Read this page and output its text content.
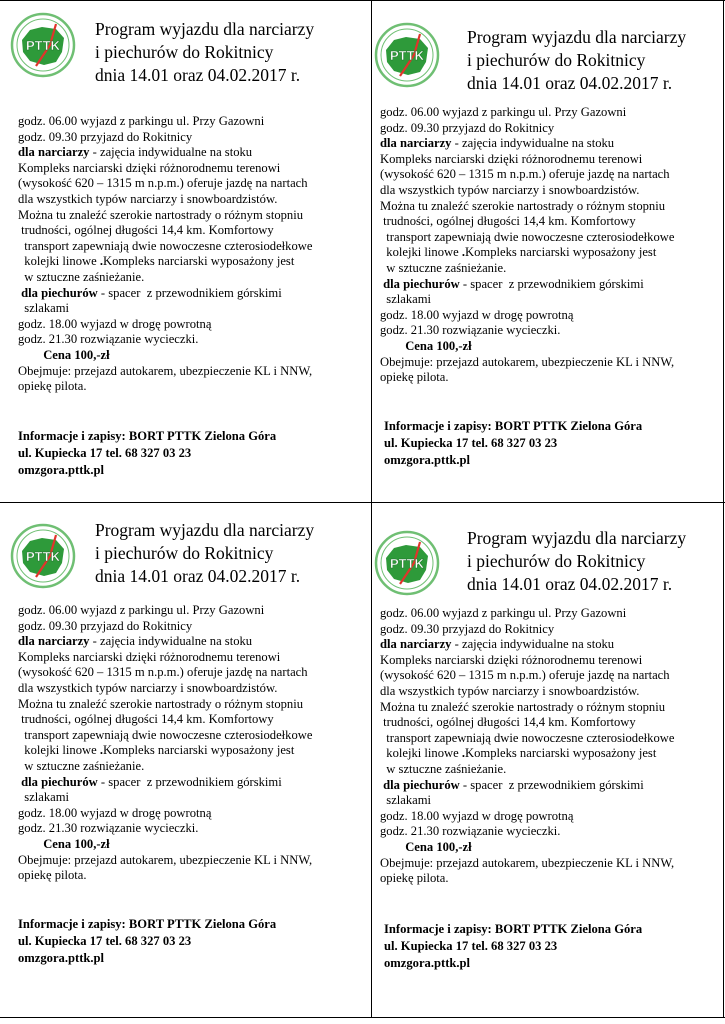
PTTK
Program wyjazdu dla narciarzy
i piechurów do Rokitnicy
dnia 14.01 oraz 04.02.2017 r.

godz. 06.00 wyjazd z parkingu ul. Przy Gazowni

godz. 09.30 przyjazd do Rokitnicy

dla narciarzy - zajęcia indywidualne na stoku

Kompleks narciarski dzięki różnorodnemu terenowi

(wysokość 620 – 1315 m n.p.m.) oferuje jazdę na nartach

dla wszystkich typów narciarzy i snowboardzistów.

Można tu znaleźć szerokie nartostrady o różnym stopniu

trudności, ogólnej długości 14,4 km. Komfortowy

transport zapewniają dwie nowoczesne czterosiodełkowe

kolejki linowe .Kompleks narciarski wyposażony jest

w sztuczne zaśnieżanie.

dla piechurów - spacer  z przewodnikiem górskimi

szlakami

godz. 18.00 wyjazd w drogę powrotną

godz. 21.30 rozwiązanie wycieczki.

Cena 100,-zł

Obejmuje: przejazd autokarem, ubezpieczenie KL i NNW,

opiekę pilota.

Informacje i zapisy: BORT PTTK Zielona Góra

ul. Kupiecka 17 tel. 68 327 03 23

omzgora.pttk.pl

PTTK
Program wyjazdu dla narciarzy
i piechurów do Rokitnicy
dnia 14.01 oraz 04.02.2017 r.

godz. 06.00 wyjazd z parkingu ul. Przy Gazowni

godz. 09.30 przyjazd do Rokitnicy

dla narciarzy - zajęcia indywidualne na stoku

Kompleks narciarski dzięki różnorodnemu terenowi

(wysokość 620 – 1315 m n.p.m.) oferuje jazdę na nartach

dla wszystkich typów narciarzy i snowboardzistów.

Można tu znaleźć szerokie nartostrady o różnym stopniu

trudności, ogólnej długości 14,4 km. Komfortowy

transport zapewniają dwie nowoczesne czterosiodełkowe

kolejki linowe .Kompleks narciarski wyposażony jest

w sztuczne zaśnieżanie.

dla piechurów - spacer  z przewodnikiem górskimi

szlakami

godz. 18.00 wyjazd w drogę powrotną

godz. 21.30 rozwiązanie wycieczki.

Cena 100,-zł

Obejmuje: przejazd autokarem, ubezpieczenie KL i NNW,

opiekę pilota.

Informacje i zapisy: BORT PTTK Zielona Góra

ul. Kupiecka 17 tel. 68 327 03 23

omzgora.pttk.pl

PTTK
Program wyjazdu dla narciarzy
i piechurów do Rokitnicy
dnia 14.01 oraz 04.02.2017 r.

godz. 06.00 wyjazd z parkingu ul. Przy Gazowni

godz. 09.30 przyjazd do Rokitnicy

dla narciarzy - zajęcia indywidualne na stoku

Kompleks narciarski dzięki różnorodnemu terenowi

(wysokość 620 – 1315 m n.p.m.) oferuje jazdę na nartach

dla wszystkich typów narciarzy i snowboardzistów.

Można tu znaleźć szerokie nartostrady o różnym stopniu

trudności, ogólnej długości 14,4 km. Komfortowy

transport zapewniają dwie nowoczesne czterosiodełkowe

kolejki linowe .Kompleks narciarski wyposażony jest

w sztuczne zaśnieżanie.

dla piechurów - spacer  z przewodnikiem górskimi

szlakami

godz. 18.00 wyjazd w drogę powrotną

godz. 21.30 rozwiązanie wycieczki.

Cena 100,-zł

Obejmuje: przejazd autokarem, ubezpieczenie KL i NNW,

opiekę pilota.

Informacje i zapisy: BORT PTTK Zielona Góra

ul. Kupiecka 17 tel. 68 327 03 23

omzgora.pttk.pl

PTTK
Program wyjazdu dla narciarzy
i piechurów do Rokitnicy
dnia 14.01 oraz 04.02.2017 r.

godz. 06.00 wyjazd z parkingu ul. Przy Gazowni

godz. 09.30 przyjazd do Rokitnicy

dla narciarzy - zajęcia indywidualne na stoku

Kompleks narciarski dzięki różnorodnemu terenowi

(wysokość 620 – 1315 m n.p.m.) oferuje jazdę na nartach

dla wszystkich typów narciarzy i snowboardzistów.

Można tu znaleźć szerokie nartostrady o różnym stopniu

trudności, ogólnej długości 14,4 km. Komfortowy

transport zapewniają dwie nowoczesne czterosiodełkowe

kolejki linowe .Kompleks narciarski wyposażony jest

w sztuczne zaśnieżanie.

dla piechurów - spacer  z przewodnikiem górskimi

szlakami

godz. 18.00 wyjazd w drogę powrotną

godz. 21.30 rozwiązanie wycieczki.

Cena 100,-zł

Obejmuje: przejazd autokarem, ubezpieczenie KL i NNW,

opiekę pilota.

Informacje i zapisy: BORT PTTK Zielona Góra

ul. Kupiecka 17 tel. 68 327 03 23

omzgora.pttk.pl
